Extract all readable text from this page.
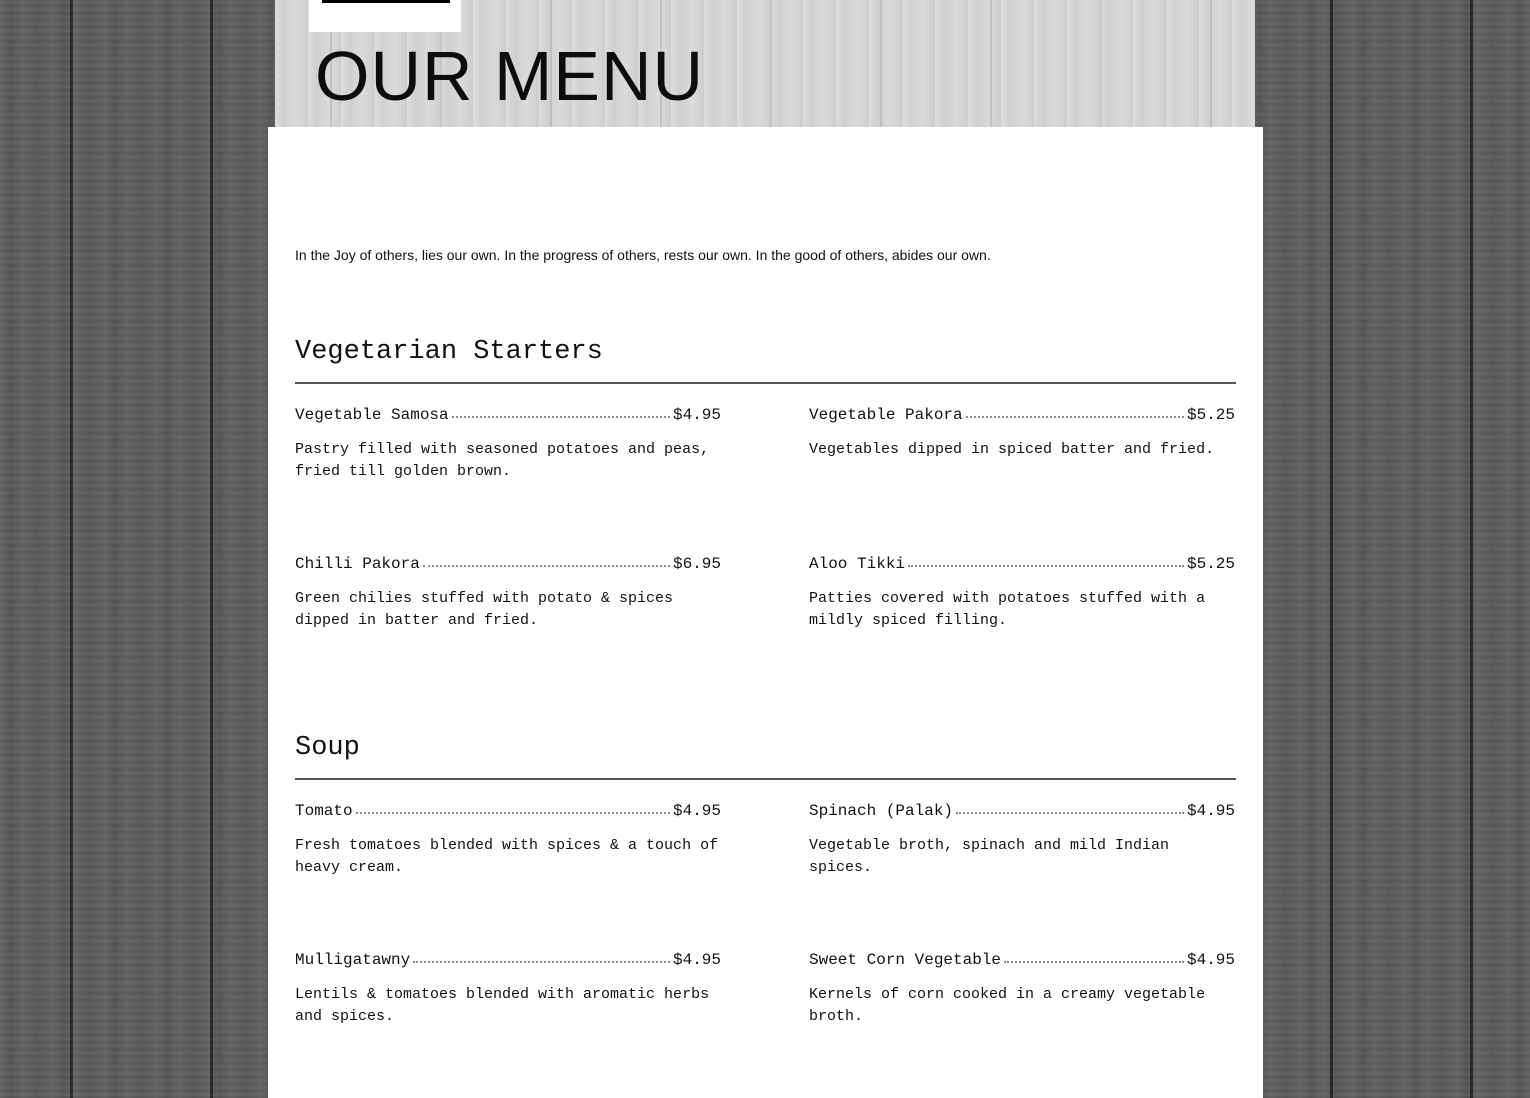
OUR MENU

In the Joy of others, lies our own. In the progress of others, rests our own. In the good of others, abides our own.

Vegetarian Starters
Vegetable Samosa	$4.95

Pastry filled with seasoned potatoes and peas, fried till golden brown.

Vegetable Pakora	$5.25

Vegetables dipped in spiced batter and fried.

Chilli Pakora	$6.95

Green chilies stuffed with potato & spices dipped in batter and fried.

Aloo Tikki	$5.25

Patties covered with potatoes stuffed with a mildly spiced filling.

Soup
Tomato	$4.95

Fresh tomatoes blended with spices & a touch of heavy cream.

Spinach (Palak)	$4.95

Vegetable broth, spinach and mild Indian spices.

Mulligatawny	$4.95

Lentils & tomatoes blended with aromatic herbs and spices.

Sweet Corn Vegetable	$4.95

Kernels of corn cooked in a creamy vegetable broth.
